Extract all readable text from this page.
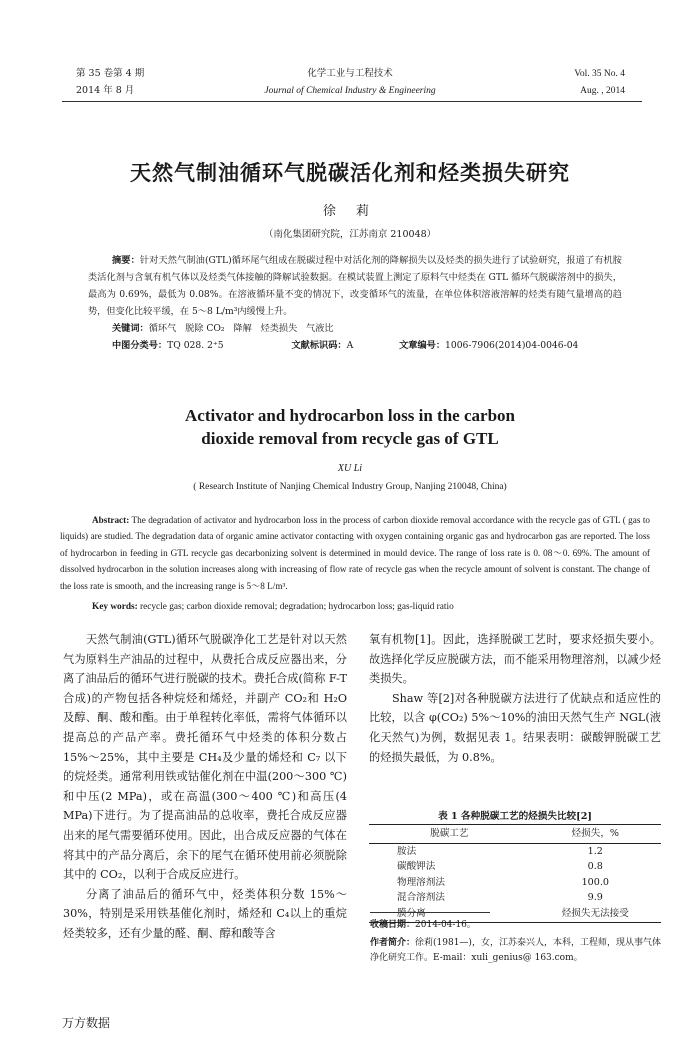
第 35 卷第 4 期
2014 年 8 月
化学工业与工程技术
Journal of Chemical Industry & Engineering
Vol. 35 No. 4
Aug. , 2014
天然气制油循环气脱碳活化剂和烃类损失研究
徐 莉
（南化集团研究院，江苏南京 210048）
摘要：针对天然气制油(GTL)循环尾气组成在脱碳过程中对活化剂的降解损失以及烃类的损失进行了试验研究，报道了有机胺类活化剂与含氧有机气体以及烃类气体接触的降解试验数据。在模试装置上测定了原料气中烃类在 GTL 循环气脱碳溶剂中的损失，最高为 0.69%，最低为 0.08%。在溶液循环量不变的情况下，改变循环气的流量，在单位体积溶液溶解的烃类有随气量增高的趋势，但变化比较平缓，在 5～8 L/m³内缓慢上升。
关键词：循环气   脱除 CO₂   降解   烃类损失   气液比
中图分类号：TQ 028. 2⁺5	文献标识码：A	文章编号：1006-7906(2014)04-0046-04
Activator and hydrocarbon loss in the carbon
dioxide removal from recycle gas of GTL
XU Li
( Research Institute of Nanjing Chemical Industry Group, Nanjing 210048, China)
Abstract: The degradation of activator and hydrocarbon loss in the process of carbon dioxide removal accordance with the recycle gas of GTL ( gas to liquids) are studied. The degradation data of organic amine activator contacting with oxygen containing organic gas and hydrocarbon gas are reported. The loss of hydrocarbon in feeding in GTL recycle gas decarbonizing solvent is determined in mould device. The range of loss rate is 0. 08～0. 69%. The amount of dissolved hydrocarbon in the solution increases along with increasing of flow rate of recycle gas when the recycle amount of solvent is constant. The change of the loss rate is smooth, and the increasing range is 5～8 L/m³.
Key words: recycle gas; carbon dioxide removal; degradation; hydrocarbon loss; gas-liquid ratio

天然气制油(GTL)循环气脱碳净化工艺是针对以天然气为原料生产油品的过程中，从费托合成反应器出来，分离了油品后的循环气进行脱碳的技术。费托合成(简称 F-T 合成)的产物包括各种烷烃和烯烃，并副产 CO₂和 H₂O 及醇、酮、酸和酯。由于单程转化率低，需将气体循环以提高总的产品产率。费托循环气中烃类的体积分数占 15%～25%，其中主要是 CH₄及少量的烯烃和 C₇ 以下的烷烃类。通常利用铁或钴催化剂在中温(200～300 ℃)和中压(2 MPa)，或在高温(300～400 ℃)和高压(4 MPa)下进行。为了提高油品的总收率，费托合成反应器出来的尾气需要循环使用。因此，出合成反应器的气体在将其中的产品分离后，余下的尾气在循环使用前必须脱除其中的 CO₂，以利于合成反应进行。

分离了油品后的循环气中，烃类体积分数 15%～30%，特别是采用铁基催化剂时，烯烃和 C₄以上的重烷烃类较多，还有少量的醛、酮、醇和酸等含

氧有机物[1]。因此，选择脱碳工艺时，要求烃损失要小。故选择化学反应脱碳方法，而不能采用物理溶剂，以减少烃类损失。

Shaw 等[2]对各种脱碳方法进行了优缺点和适应性的比较，以含 φ(CO₂) 5%～10%的油田天然气生产 NGL(液化天然气)为例，数据见表 1。结果表明：碳酸钾脱碳工艺的烃损失最低，为 0.8%。

表 1 各种脱碳工艺的烃损失比较[2]
脱碳工艺	烃损失，%
胺法	1.2
碳酸钾法	0.8
物理溶剂法	100.0
混合溶剂法	9.9
膜分离	烃损失无法接受
收稿日期：2014-04-16。
作者简介：徐莉(1981—)，女，江苏泰兴人，本科，工程师，现从事气体净化研究工作。E-mail：xuli_genius@ 163.com。
万方数据
